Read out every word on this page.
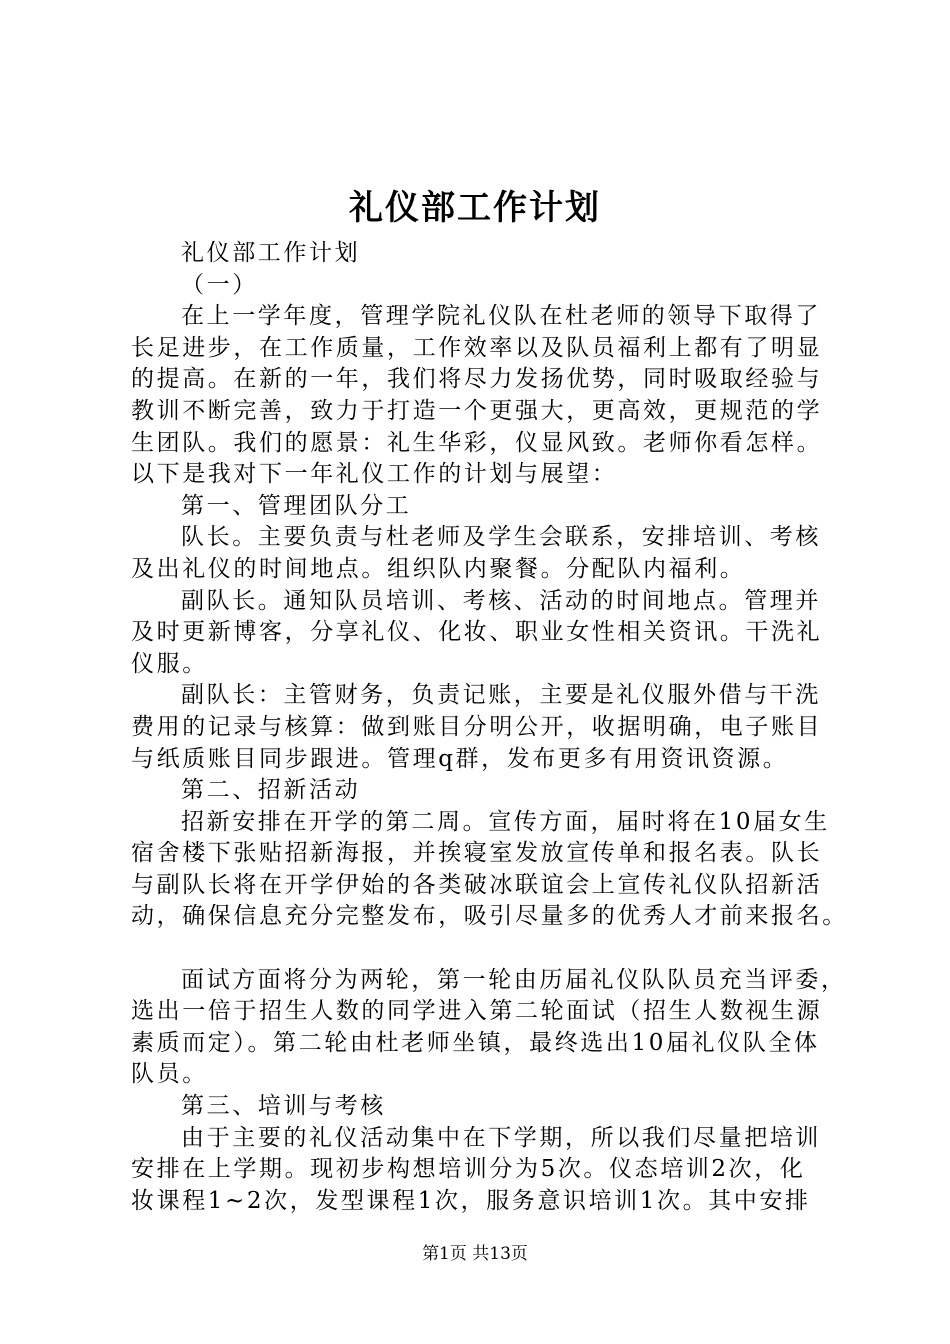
礼仪部工作计划
礼仪部工作计划
（一）
在上一学年度，管理学院礼仪队在杜老师的领导下取得了
长足进步，在工作质量，工作效率以及队员福利上都有了明显
的提高。在新的一年，我们将尽力发扬优势，同时吸取经验与
教训不断完善，致力于打造一个更强大，更高效，更规范的学
生团队。我们的愿景：礼生华彩，仪显风致。老师你看怎样。
以下是我对下一年礼仪工作的计划与展望：
第一、管理团队分工
队长。主要负责与杜老师及学生会联系，安排培训、考核
及出礼仪的时间地点。组织队内聚餐。分配队内福利。
副队长。通知队员培训、考核、活动的时间地点。管理并
及时更新博客，分享礼仪、化妆、职业女性相关资讯。干洗礼
仪服。
副队长：主管财务，负责记账，主要是礼仪服外借与干洗
费用的记录与核算：做到账目分明公开，收据明确，电子账目
与纸质账目同步跟进。管理q群，发布更多有用资讯资源。
第二、招新活动
招新安排在开学的第二周。宣传方面，届时将在10届女生
宿舍楼下张贴招新海报，并挨寝室发放宣传单和报名表。队长
与副队长将在开学伊始的各类破冰联谊会上宣传礼仪队招新活
动，确保信息充分完整发布，吸引尽量多的优秀人才前来报名。
面试方面将分为两轮，第一轮由历届礼仪队队员充当评委，
选出一倍于招生人数的同学进入第二轮面试（招生人数视生源
素质而定）。第二轮由杜老师坐镇，最终选出10届礼仪队全体
队员。
第三、培训与考核
由于主要的礼仪活动集中在下学期，所以我们尽量把培训
安排在上学期。现初步构想培训分为5次。仪态培训2次，化
妆课程1~2次，发型课程1次，服务意识培训1次。其中安排
第1页 共13页
